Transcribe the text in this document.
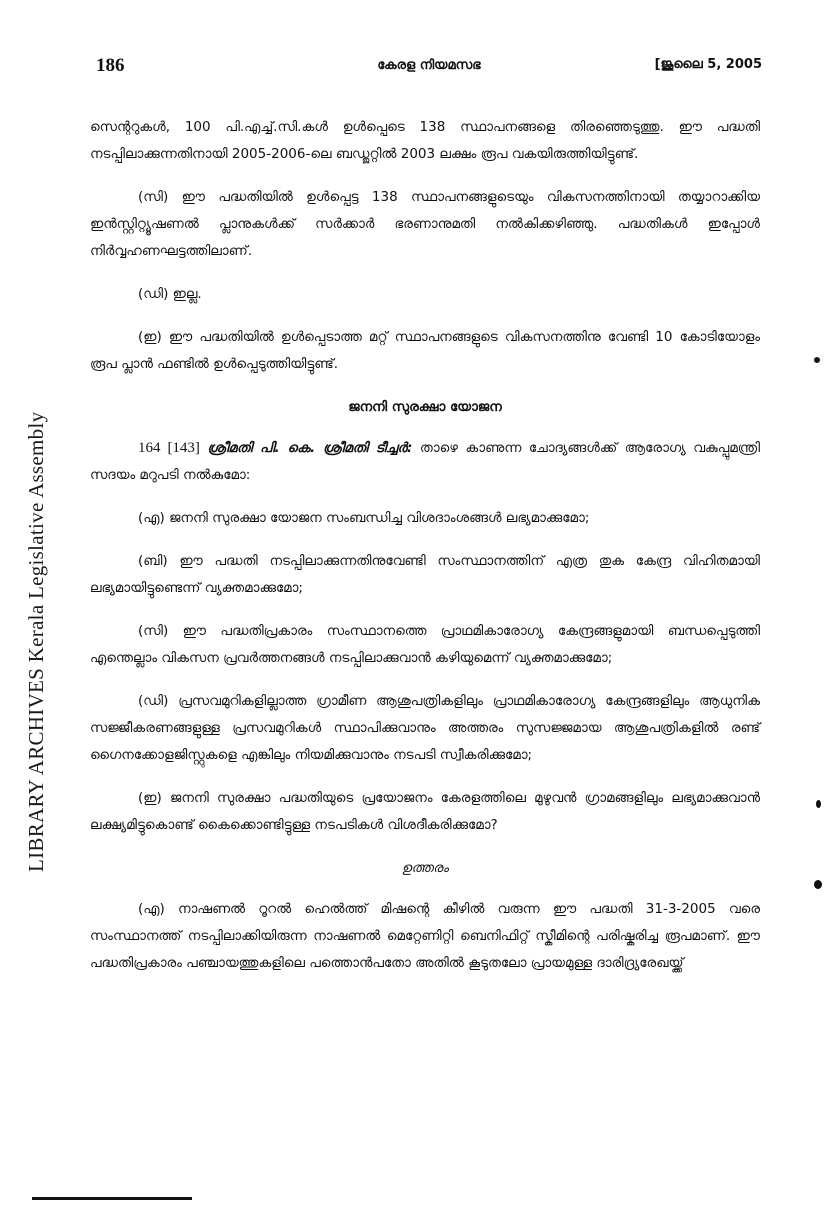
LIBRARY ARCHIVES Kerala Legislative Assembly
186	കേരള നിയമസഭ	[ജൂലൈ 5, 2005

സെന്ററുകൾ, 100 പി.എച്ച്.സി.കൾ ഉൾപ്പെടെ 138 സ്ഥാപനങ്ങളെ തിരഞ്ഞെടുത്തു. ഈ പദ്ധതി നടപ്പിലാക്കുന്നതിനായി 2005-2006-ലെ ബഡ്ജറ്റിൽ 2003 ലക്ഷം രൂപ വകയിരുത്തിയിട്ടുണ്ട്.

(സി) ഈ പദ്ധതിയിൽ ഉൾപ്പെട്ട 138 സ്ഥാപനങ്ങളുടെയും വികസനത്തിനായി തയ്യാറാക്കിയ ഇൻസ്റ്റിറ്റ്യൂഷണൽ പ്ലാനുകൾക്ക് സർക്കാർ ഭരണാനുമതി നൽകിക്കഴിഞ്ഞു. പദ്ധതികൾ ഇപ്പോൾ നിർവ്വഹണഘട്ടത്തിലാണ്.

(ഡി) ഇല്ല.

(ഇ) ഈ പദ്ധതിയിൽ ഉൾപ്പെടാത്ത മറ്റ് സ്ഥാപനങ്ങളുടെ വികസനത്തിനു വേണ്ടി 10 കോടിയോളം രൂപ പ്ലാൻ ഫണ്ടിൽ ഉൾപ്പെടുത്തിയിട്ടുണ്ട്.

ജനനി സുരക്ഷാ യോജന

164 [143] ശ്രീമതി പി. കെ. ശ്രീമതി ടീച്ചർ: താഴെ കാണുന്ന ചോദ്യങ്ങൾക്ക് ആരോഗ്യ വകുപ്പുമന്ത്രി സദയം മറുപടി നൽകുമോ:

(എ) ജനനി സുരക്ഷാ യോജന സംബന്ധിച്ച വിശദാംശങ്ങൾ ലഭ്യമാക്കുമോ;

(ബി) ഈ പദ്ധതി നടപ്പിലാക്കുന്നതിനുവേണ്ടി സംസ്ഥാനത്തിന് എത്ര തുക കേന്ദ്ര വിഹിതമായി ലഭ്യമായിട്ടുണ്ടെന്ന് വ്യക്തമാക്കുമോ;

(സി) ഈ പദ്ധതിപ്രകാരം സംസ്ഥാനത്തെ പ്രാഥമികാരോഗ്യ കേന്ദ്രങ്ങളുമായി ബന്ധപ്പെടുത്തി എന്തെല്ലാം വികസന പ്രവർത്തനങ്ങൾ നടപ്പിലാക്കുവാൻ കഴിയുമെന്ന് വ്യക്തമാക്കുമോ;

(ഡി) പ്രസവമുറികളില്ലാത്ത ഗ്രാമീണ ആശുപത്രികളിലും പ്രാഥമികാരോഗ്യ കേന്ദ്രങ്ങളിലും ആധുനിക സജ്ജീകരണങ്ങളുള്ള പ്രസവമുറികൾ സ്ഥാപിക്കുവാനും അത്തരം സുസജ്ജമായ ആശുപത്രികളിൽ രണ്ട് ഗൈനക്കോളജിസ്റ്റുകളെ എങ്കിലും നിയമിക്കുവാനും നടപടി സ്വീകരിക്കുമോ;

(ഇ) ജനനി സുരക്ഷാ പദ്ധതിയുടെ പ്രയോജനം കേരളത്തിലെ മുഴുവൻ ഗ്രാമങ്ങളിലും ലഭ്യമാക്കുവാൻ ലക്ഷ്യമിട്ടുകൊണ്ട് കൈക്കൊണ്ടിട്ടുള്ള നടപടികൾ വിശദീകരിക്കുമോ?

ഉത്തരം

(എ) നാഷണൽ റൂറൽ ഹെൽത്ത് മിഷന്റെ കീഴിൽ വരുന്ന ഈ പദ്ധതി 31-3-2005 വരെ സംസ്ഥാനത്ത് നടപ്പിലാക്കിയിരുന്ന നാഷണൽ മെറ്റേണിറ്റി ബെനിഫിറ്റ് സ്കീമിന്റെ പരിഷ്കരിച്ച രൂപമാണ്. ഈ പദ്ധതിപ്രകാരം പഞ്ചായത്തുകളിലെ പത്തൊൻപതോ അതിൽ കൂടുതലോ പ്രായമുള്ള ദാരിദ്ര്യരേഖയ്ക്ക്
